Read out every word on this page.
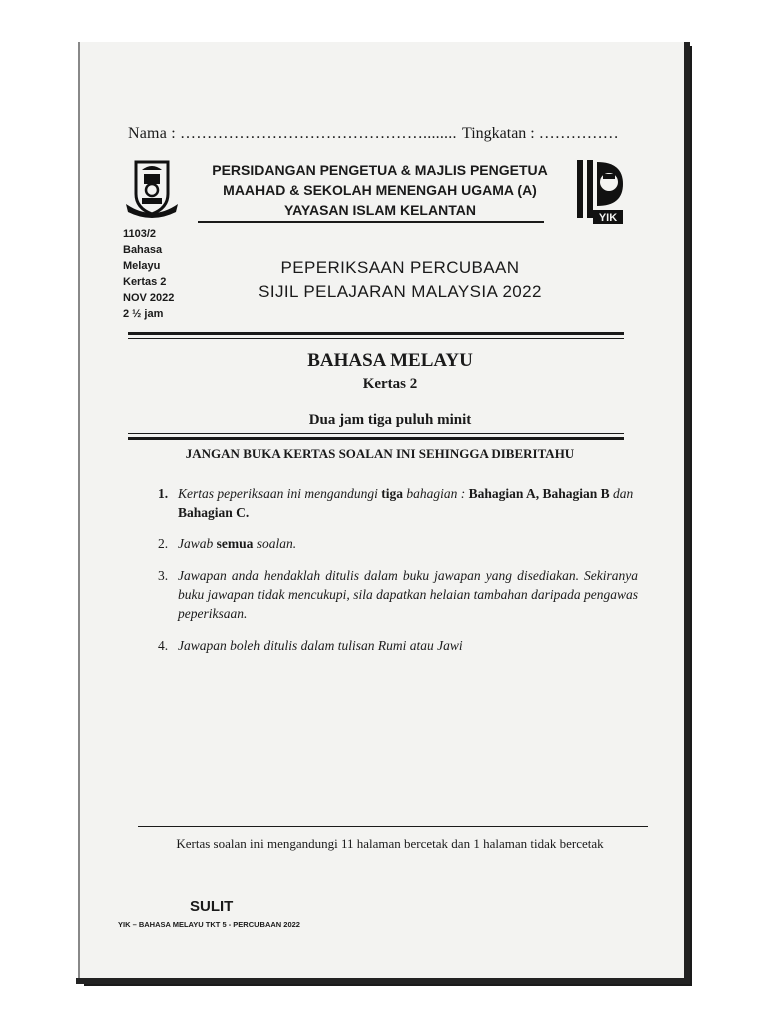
Nama : ………………………………………........ Tingkatan : ……………
PERSIDANGAN PENGETUA & MAJLIS PENGETUA
MAAHAD & SEKOLAH MENENGAH UGAMA (A)
YAYASAN ISLAM KELANTAN	YIK
1103/2
Bahasa
Melayu
Kertas 2
NOV 2022
2 ½ jam
PEPERIKSAAN PERCUBAAN
SIJIL PELAJARAN MALAYSIA 2022
BAHASA MELAYU
Kertas 2
Dua jam tiga puluh minit
JANGAN BUKA KERTAS SOALAN INI SEHINGGA DIBERITAHU
1. Kertas peperiksaan ini mengandungi tiga bahagian : Bahagian A, Bahagian B dan Bahagian C.
2. Jawab semua soalan.
3. Jawapan anda hendaklah ditulis dalam buku jawapan yang disediakan. Sekiranya buku jawapan tidak mencukupi, sila dapatkan helaian tambahan daripada pengawas peperiksaan.
4. Jawapan boleh ditulis dalam tulisan Rumi atau Jawi
Kertas soalan ini mengandungi 11 halaman bercetak dan 1 halaman tidak bercetak
SULIT
YIK – BAHASA MELAYU TKT 5 - PERCUBAAN 2022
